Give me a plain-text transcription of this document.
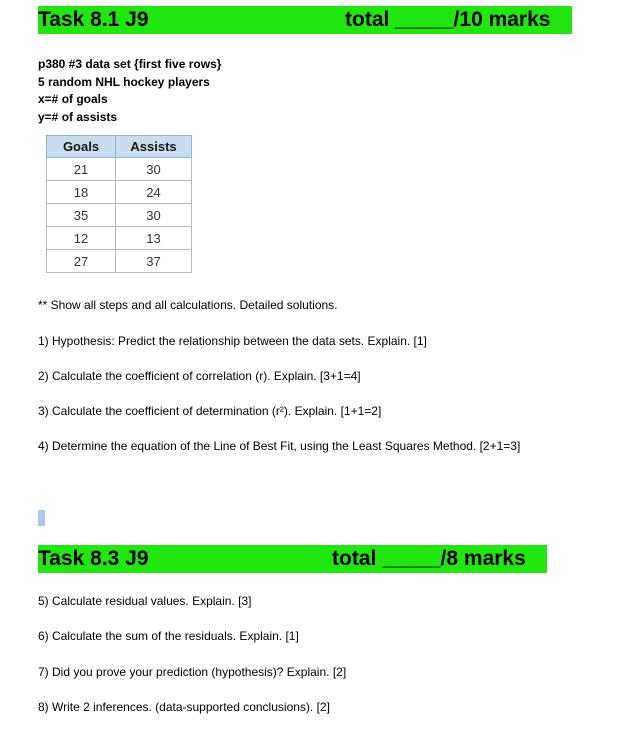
Task 8.1 J9	total _____/10 marks
p380 #3 data set {first five rows}
5 random NHL hockey players
x=# of goals
y=# of assists
Goals	Assists
21	30
18	24
35	30
12	13
27	37
** Show all steps and all calculations. Detailed solutions.
1) Hypothesis: Predict the relationship between the data sets. Explain. [1]
2) Calculate the coefficient of correlation (r). Explain. [3+1=4]
3) Calculate the coefficient of determination (r²). Explain. [1+1=2]
4) Determine the equation of the Line of Best Fit, using the Least Squares Method. [2+1=3]
Task 8.3 J9	total _____/8 marks
5) Calculate residual values. Explain. [3]
6) Calculate the sum of the residuals. Explain. [1]
7) Did you prove your prediction (hypothesis)? Explain. [2]
8) Write 2 inferences. (data-supported conclusions). [2]
